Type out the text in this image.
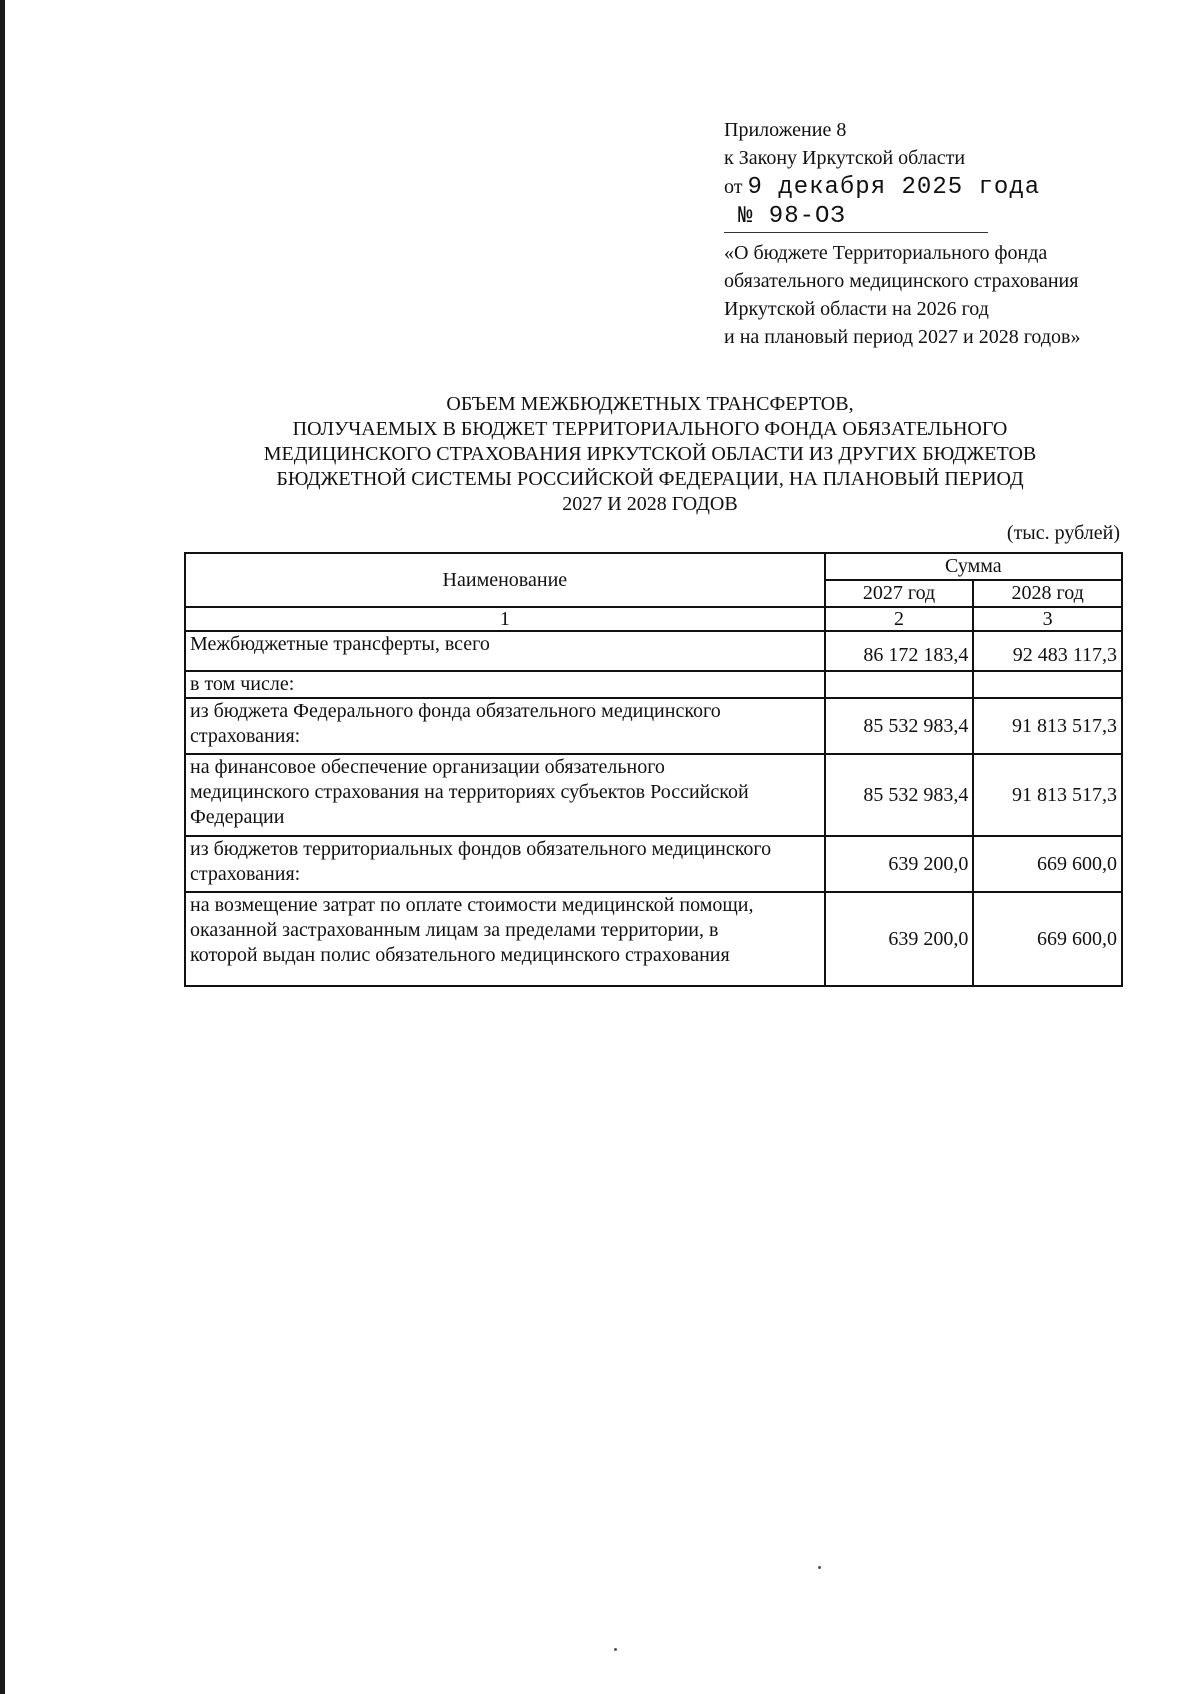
Приложение 8
к Закону Иркутской области
от 9 декабря 2025 года
№ 98-ОЗ
«О бюджете Территориального фонда
обязательного медицинского страхования
Иркутской области на 2026 год
и на плановый период 2027 и 2028 годов»
ОБЪЕМ МЕЖБЮДЖЕТНЫХ ТРАНСФЕРТОВ,
ПОЛУЧАЕМЫХ В БЮДЖЕТ ТЕРРИТОРИАЛЬНОГО ФОНДА ОБЯЗАТЕЛЬНОГО
МЕДИЦИНСКОГО СТРАХОВАНИЯ ИРКУТСКОЙ ОБЛАСТИ ИЗ ДРУГИХ БЮДЖЕТОВ
БЮДЖЕТНОЙ СИСТЕМЫ РОССИЙСКОЙ ФЕДЕРАЦИИ, НА ПЛАНОВЫЙ ПЕРИОД
2027 И 2028 ГОДОВ
(тыс. рублей)
Наименование	Сумма	
	2027 год	2028 год
1	2	3

Межбюджетные трансферты, всего	86 172 183,4	92 483 117,3

в том числе:		

из бюджета Федерального фонда обязательного медицинского
страхования:	85 532 983,4	91 813 517,3

на финансовое обеспечение организации обязательного
медицинского страхования на территориях субъектов Российской
Федерации	85 532 983,4	91 813 517,3

из бюджетов территориальных фондов обязательного медицинского
страхования:	639 200,0	669 600,0

на возмещение затрат по оплате стоимости медицинской помощи,
оказанной застрахованным лицам за пределами территории, в
которой выдан полис обязательного медицинского страхования	639 200,0	669 600,0
